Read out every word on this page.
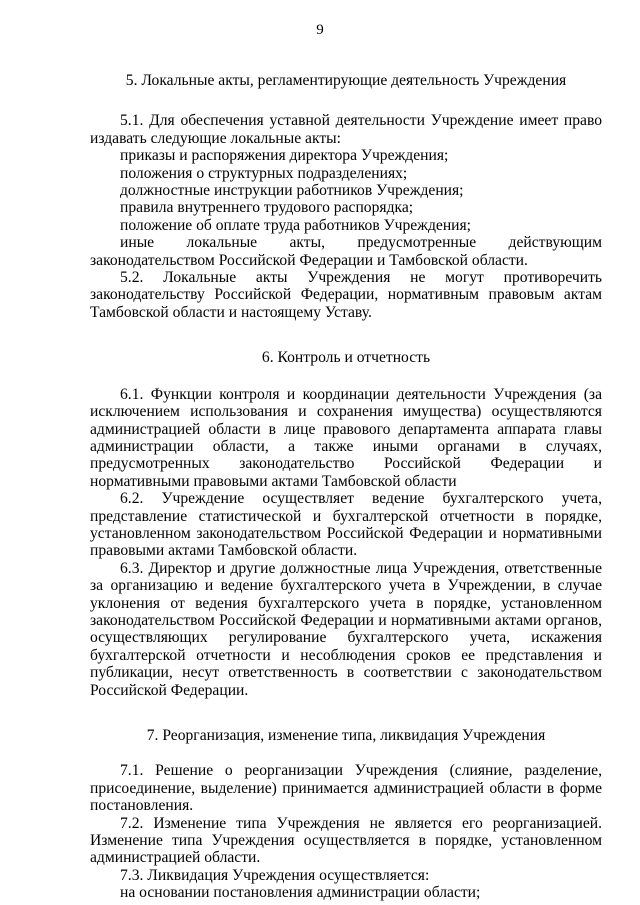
9
5. Локальные акты, регламентирующие деятельность Учреждения

5.1. Для обеспечения уставной деятельности Учреждение имеет право издавать следующие локальные акты:

приказы и распоряжения директора Учреждения;

положения о структурных подразделениях;

должностные инструкции работников Учреждения;

правила внутреннего трудового распорядка;

положение об оплате труда работников Учреждения;

иные локальные акты, предусмотренные действующим законодательством Российской Федерации и Тамбовской области.

5.2. Локальные акты Учреждения не могут противоречить законодательству Российской Федерации, нормативным правовым актам Тамбовской области и настоящему Уставу.

6. Контроль и отчетность

6.1. Функции контроля и координации деятельности Учреждения (за исключением использования и сохранения имущества) осуществляются администрацией области в лице правового департамента аппарата главы администрации области, а также иными органами в случаях, предусмотренных законодательство Российской Федерации и нормативными правовыми актами Тамбовской области

6.2. Учреждение осуществляет ведение бухгалтерского учета, представление статистической и бухгалтерской отчетности в порядке, установленном законодательством Российской Федерации и нормативными правовыми актами Тамбовской области.

6.3. Директор и другие должностные лица Учреждения, ответственные за организацию и ведение бухгалтерского учета в Учреждении, в случае уклонения от ведения бухгалтерского учета в порядке, установленном законодательством Российской Федерации и нормативными актами органов, осуществляющих регулирование бухгалтерского учета, искажения бухгалтерской отчетности и несоблюдения сроков ее представления и публикации, несут ответственность в соответствии с законодательством Российской Федерации.

7. Реорганизация, изменение типа, ликвидация Учреждения

7.1. Решение о реорганизации Учреждения (слияние, разделение, присоединение, выделение) принимается администрацией области в форме постановления.

7.2. Изменение типа Учреждения не является его реорганизацией. Изменение типа Учреждения осуществляется в порядке, установленном администрацией области.

7.3. Ликвидация Учреждения осуществляется:

на основании постановления администрации области;
